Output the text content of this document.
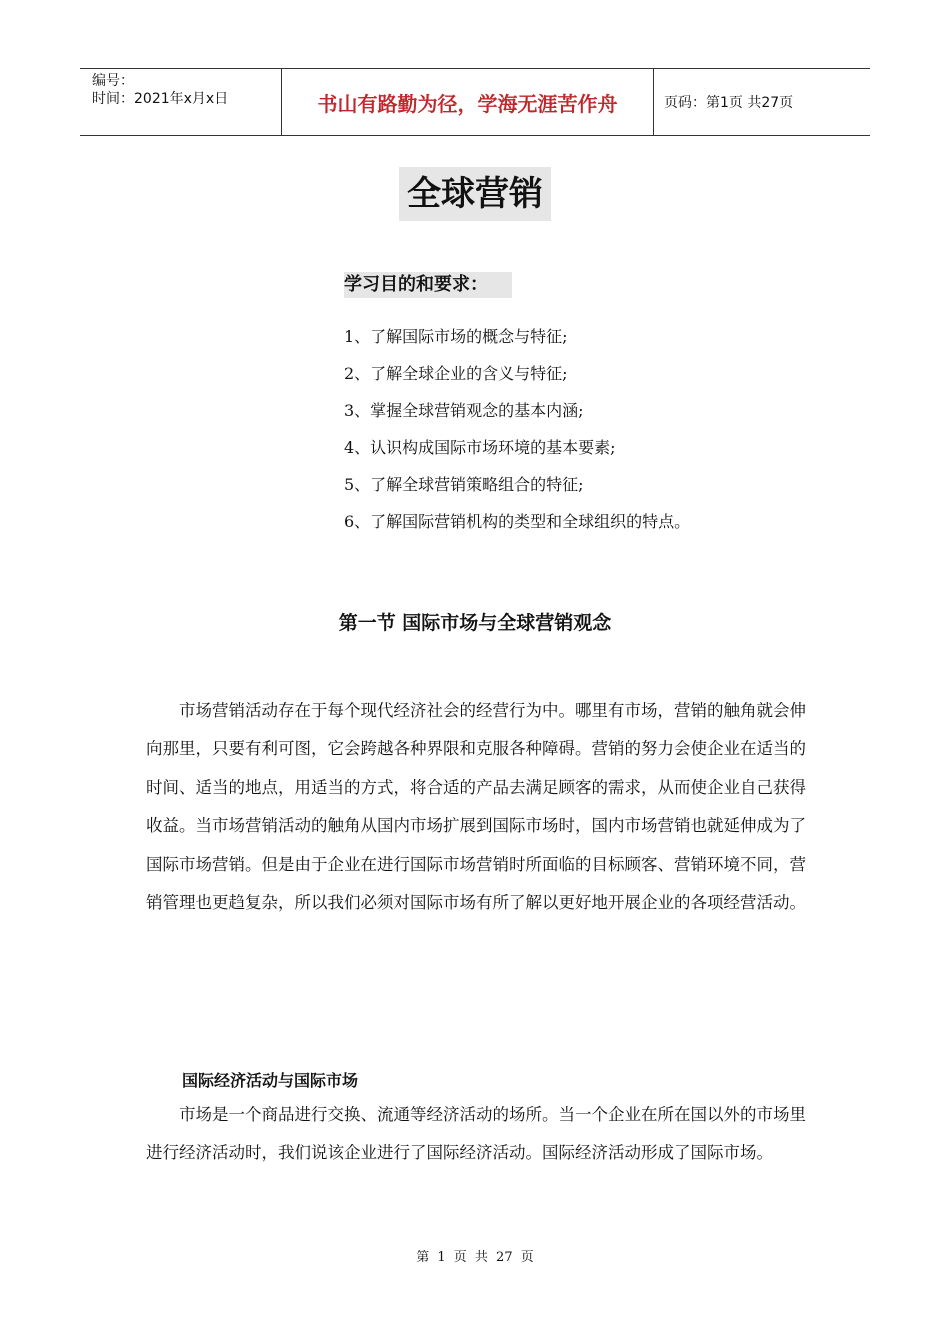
编号：
时间：2021年x月x日	书山有路勤为径，学海无涯苦作舟	页码：第1页 共27页
全球营销
学习目的和要求：
1、了解国际市场的概念与特征;
2、了解全球企业的含义与特征;
3、掌握全球营销观念的基本内涵;
4、认识构成国际市场环境的基本要素;
5、了解全球营销策略组合的特征;
6、了解国际营销机构的类型和全球组织的特点。
第一节 国际市场与全球营销观念

市场营销活动存在于每个现代经济社会的经营行为中。哪里有市场，营销的触角就会伸向那里，只要有利可图，它会跨越各种界限和克服各种障碍。营销的努力会使企业在适当的时间、适当的地点，用适当的方式，将合适的产品去满足顾客的需求，从而使企业自己获得收益。当市场营销活动的触角从国内市场扩展到国际市场时，国内市场营销也就延伸成为了国际市场营销。但是由于企业在进行国际市场营销时所面临的目标顾客、营销环境不同，营销管理也更趋复杂，所以我们必须对国际市场有所了解以更好地开展企业的各项经营活动。

国际经济活动与国际市场

市场是一个商品进行交换、流通等经济活动的场所。当一个企业在所在国以外的市场里进行经济活动时，我们说该企业进行了国际经济活动。国际经济活动形成了国际市场。

第 1 页 共 27 页
